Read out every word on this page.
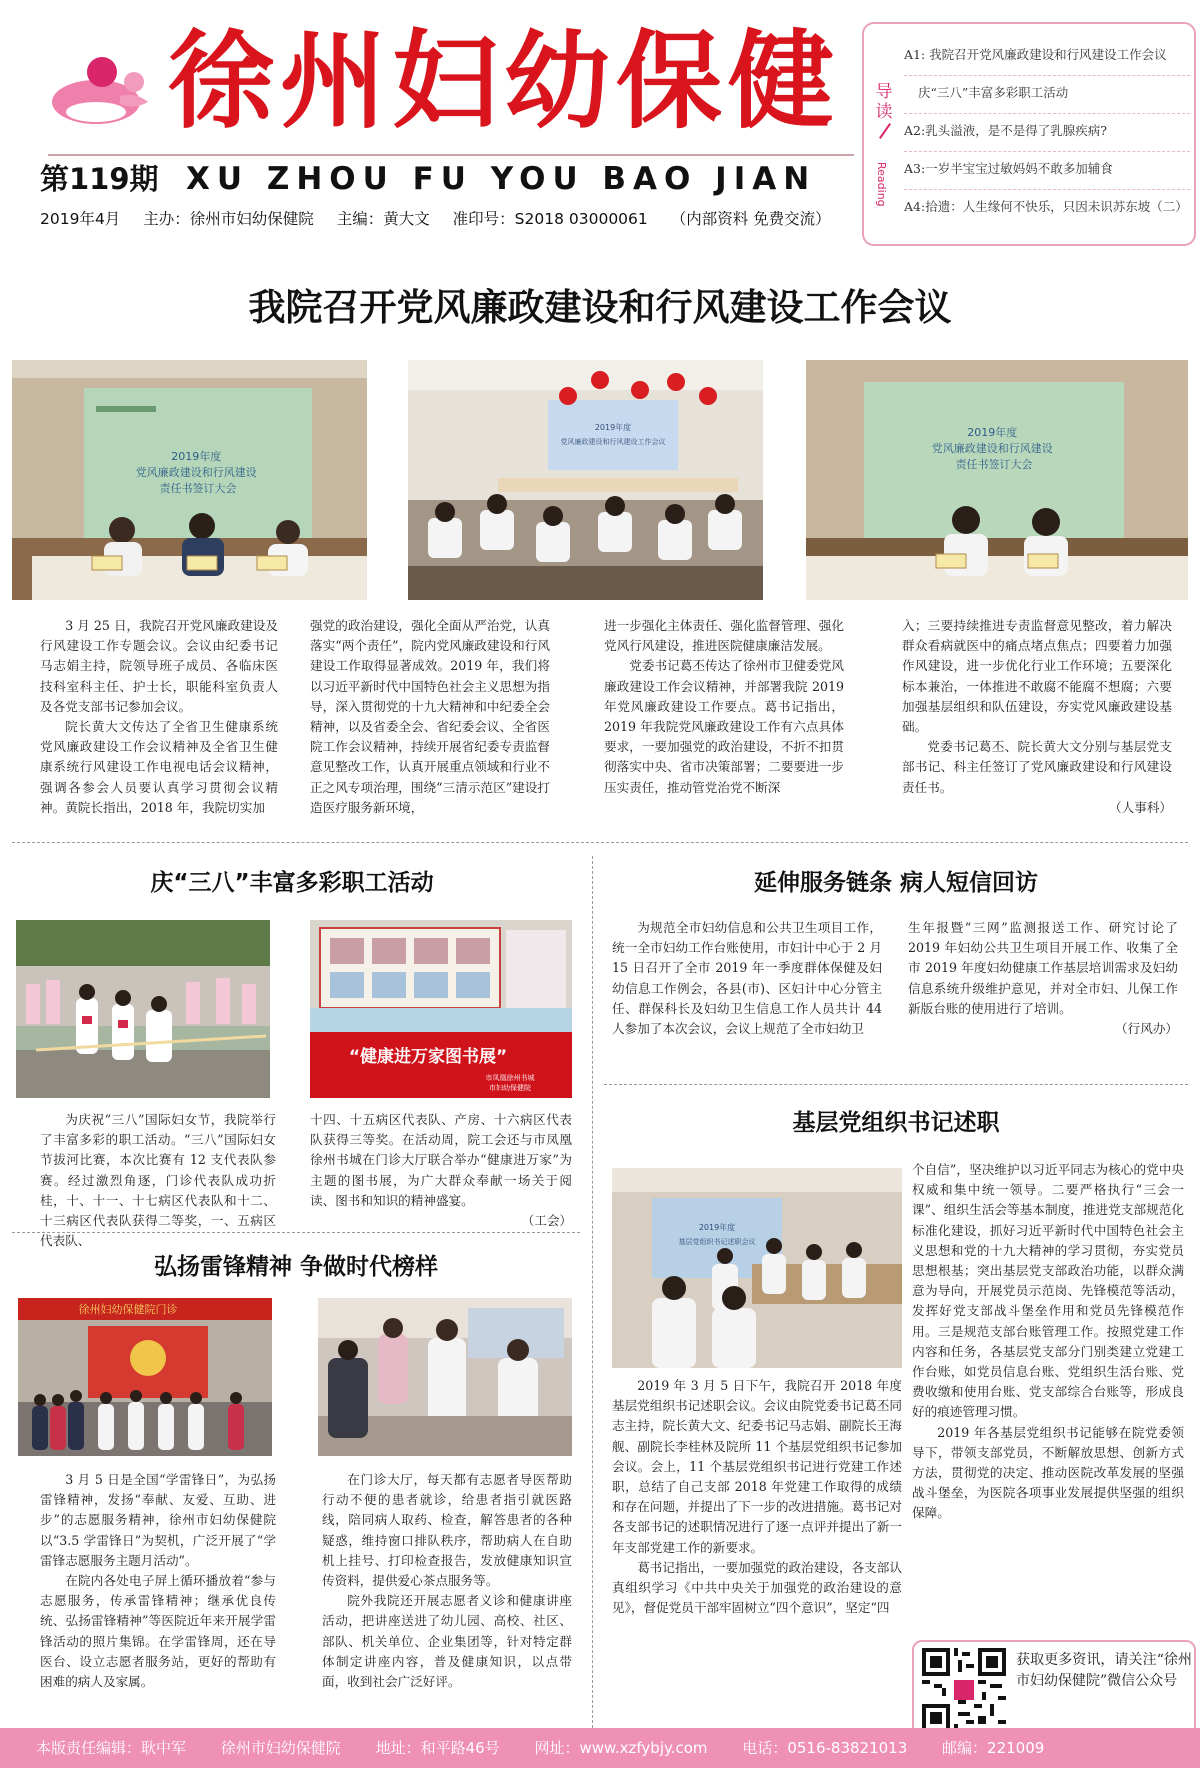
徐州妇幼保健
第119期 XU ZHOU FU YOU BAO JIAN
2019年4月 主办：徐州市妇幼保健院 主编：黄大文 准印号：S2018 03000061 （内部资料 免费交流）
导读
Reading
A1: 我院召开党风廉政建设和行风建设工作会议
庆“三八”丰富多彩职工活动
A2:乳头溢液，是不是得了乳腺疾病?
A3:一岁半宝宝过敏妈妈不敢多加辅食
A4:拾遗：人生缘何不快乐，只因未识苏东坡（二）
我院召开党风廉政建设和行风建设工作会议
2019年度 党风廉政建设和行风建设 责任书签订大会
2019年度
党风廉政建设和行风建设工作会议
2019年度 党风廉政建设和行风建设 责任书签订大会

3 月 25 日，我院召开党风廉政建设及行风建设工作专题会议。会议由纪委书记马志娟主持，院领导班子成员、各临床医技科室科主任、护士长，职能科室负责人及各党支部书记参加会议。

院长黄大文传达了全省卫生健康系统党风廉政建设工作会议精神及全省卫生健康系统行风建设工作电视电话会议精神，强调各参会人员要认真学习贯彻会议精神。黄院长指出，2018 年，我院切实加

强党的政治建设，强化全面从严治党，认真落实“两个责任”，院内党风廉政建设和行风建设工作取得显著成效。2019 年，我们将以习近平新时代中国特色社会主义思想为指导，深入贯彻党的十九大精神和中纪委全会精神，以及省委全会、省纪委会议、全省医院工作会议精神，持续开展省纪委专责监督意见整改工作，认真开展重点领域和行业不正之风专项治理，围绕“三清示范区”建设打造医疗服务新环境，

进一步强化主体责任、强化监督管理、强化党风行风建设，推进医院健康廉洁发展。

党委书记葛丕传达了徐州市卫健委党风廉政建设工作会议精神，并部署我院 2019 年党风廉政建设工作要点。葛书记指出，2019 年我院党风廉政建设工作有六点具体要求，一要加强党的政治建设，不折不扣贯彻落实中央、省市决策部署；二要要进一步压实责任，推动管党治党不断深

入；三要持续推进专责监督意见整改，着力解决群众看病就医中的痛点堵点焦点；四要着力加强作风建设，进一步优化行业工作环境；五要深化标本兼治，一体推进不敢腐不能腐不想腐；六要加强基层组织和队伍建设，夯实党风廉政建设基础。

党委书记葛丕、院长黄大文分别与基层党支部书记、科主任签订了党风廉政建设和行风建设责任书。

（人事科）
庆“三八”丰富多彩职工活动
“健康进万家图书展”
市凤凰徐州书城
市妇幼保健院

为庆祝“三八”国际妇女节，我院举行了丰富多彩的职工活动。“三八”国际妇女节拔河比赛，本次比赛有 12 支代表队参赛。经过激烈角逐，门诊代表队成功折桂，十、十一、十七病区代表队和十二、十三病区代表队获得二等奖，一、五病区代表队、

十四、十五病区代表队、产房、十六病区代表队获得三等奖。在活动周，院工会还与市凤凰徐州书城在门诊大厅联合举办“健康进万家”为主题的图书展，为广大群众奉献一场关于阅读、图书和知识的精神盛宴。

（工会）
延伸服务链条 病人短信回访

为规范全市妇幼信息和公共卫生项目工作，统一全市妇幼工作台账使用，市妇计中心于 2 月 15 日召开了全市 2019 年一季度群体保健及妇幼信息工作例会，各县(市)、区妇计中心分管主任、群保科长及妇幼卫生信息工作人员共计 44 人参加了本次会议，会议上规范了全市妇幼卫

生年报暨“三网”监测报送工作、研究讨论了 2019 年妇幼公共卫生项目开展工作、收集了全市 2019 年度妇幼健康工作基层培训需求及妇幼信息系统升级维护意见，并对全市妇、儿保工作新版台账的使用进行了培训。

（行风办）
弘扬雷锋精神 争做时代榜样
徐州妇幼保健院门诊

3 月 5 日是全国“学雷锋日”，为弘扬雷锋精神，发扬“奉献、友爱、互助、进步”的志愿服务精神，徐州市妇幼保健院以“3.5 学雷锋日”为契机，广泛开展了“学雷锋志愿服务主题月活动”。

在院内各处电子屏上循环播放着“参与志愿服务，传承雷锋精神；继承优良传统、弘扬雷锋精神”等医院近年来开展学雷锋活动的照片集锦。在学雷锋周，还在导医台、设立志愿者服务站，更好的帮助有困难的病人及家属。

在门诊大厅，每天都有志愿者导医帮助行动不便的患者就诊，给患者指引就医路线，陪同病人取药、检查，解答患者的各种疑惑，维持窗口排队秩序，帮助病人在自助机上挂号、打印检查报告，发放健康知识宣传资料，提供爱心茶点服务等。

院外我院还开展志愿者义诊和健康讲座活动，把讲座送进了幼儿园、高校、社区、部队、机关单位、企业集团等，针对特定群体制定讲座内容，普及健康知识，以点带面，收到社会广泛好评。

基层党组织书记述职
2019年度
基层党组织书记述职会议

2019 年 3 月 5 日下午，我院召开 2018 年度基层党组织书记述职会议。会议由院党委书记葛丕同志主持，院长黄大文、纪委书记马志娟、副院长王海舰、副院长李桂林及院所 11 个基层党组织书记参加会议。会上，11 个基层党组织书记进行党建工作述职，总结了自己支部 2018 年党建工作取得的成绩和存在问题，并提出了下一步的改进措施。葛书记对各支部书记的述职情况进行了逐一点评并提出了新一年支部党建工作的新要求。

葛书记指出，一要加强党的政治建设，各支部认真组织学习《中共中央关于加强党的政治建设的意见》，督促党员干部牢固树立“四个意识”，坚定“四

个自信”，坚决维护以习近平同志为核心的党中央权威和集中统一领导。二要严格执行“三会一课”、组织生活会等基本制度，推进党支部规范化标准化建设，抓好习近平新时代中国特色社会主义思想和党的十九大精神的学习贯彻，夯实党员思想根基；突出基层党支部政治功能，以群众满意为导向，开展党员示范岗、先锋模范等活动，发挥好党支部战斗堡垒作用和党员先锋模范作用。三是规范支部台账管理工作。按照党建工作内容和任务，各基层党支部分门别类建立党建工作台账，如党员信息台账、党组织生活台账、党费收缴和使用台账、党支部综合台账等，形成良好的痕迹管理习惯。

2019 年各基层党组织书记能够在院党委领导下，带领支部党员，不断解放思想、创新方式方法，贯彻党的决定、推动医院改革发展的坚强战斗堡垒，为医院各项事业发展提供坚强的组织保障。

获取更多资讯，请关注“徐州市妇幼保健院”微信公众号
本版责任编辑：耿中军 徐州市妇幼保健院 地址：和平路46号 网址：www.xzfybjy.com 电话：0516-83821013 邮编：221009
